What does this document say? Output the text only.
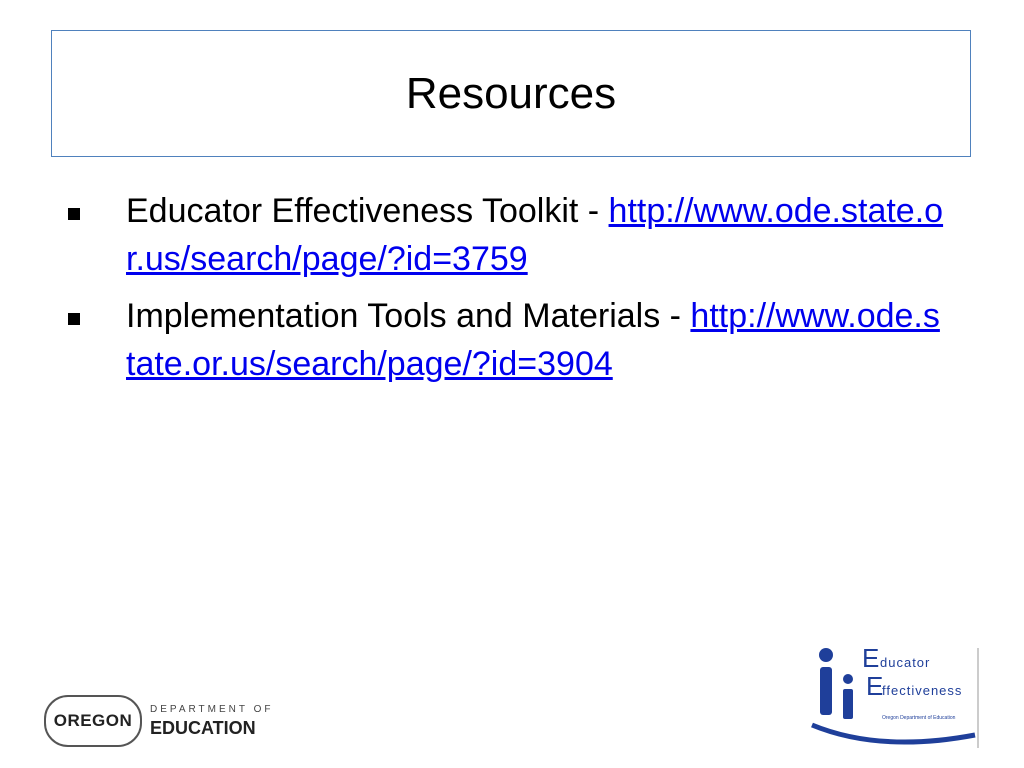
Resources
Educator Effectiveness Toolkit - http://www.ode.state.or.us/search/page/?id=3759
Implementation Tools and Materials - http://www.ode.state.or.us/search/page/?id=3904
OREGON
DEPARTMENT OF
EDUCATION
E ducator
E
ffectiveness
Oregon Department of Education
